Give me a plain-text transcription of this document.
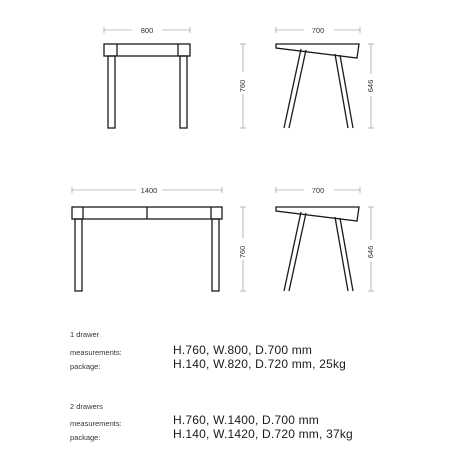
800
760
700
646
1400
760
700
646
1 drawer
measurements:	H.760, W.800, D.700 mm
package:	H.140, W.820, D.720 mm, 25kg
2 drawers
measurements:	H.760, W.1400, D.700 mm
package:	H.140, W.1420, D.720 mm, 37kg
